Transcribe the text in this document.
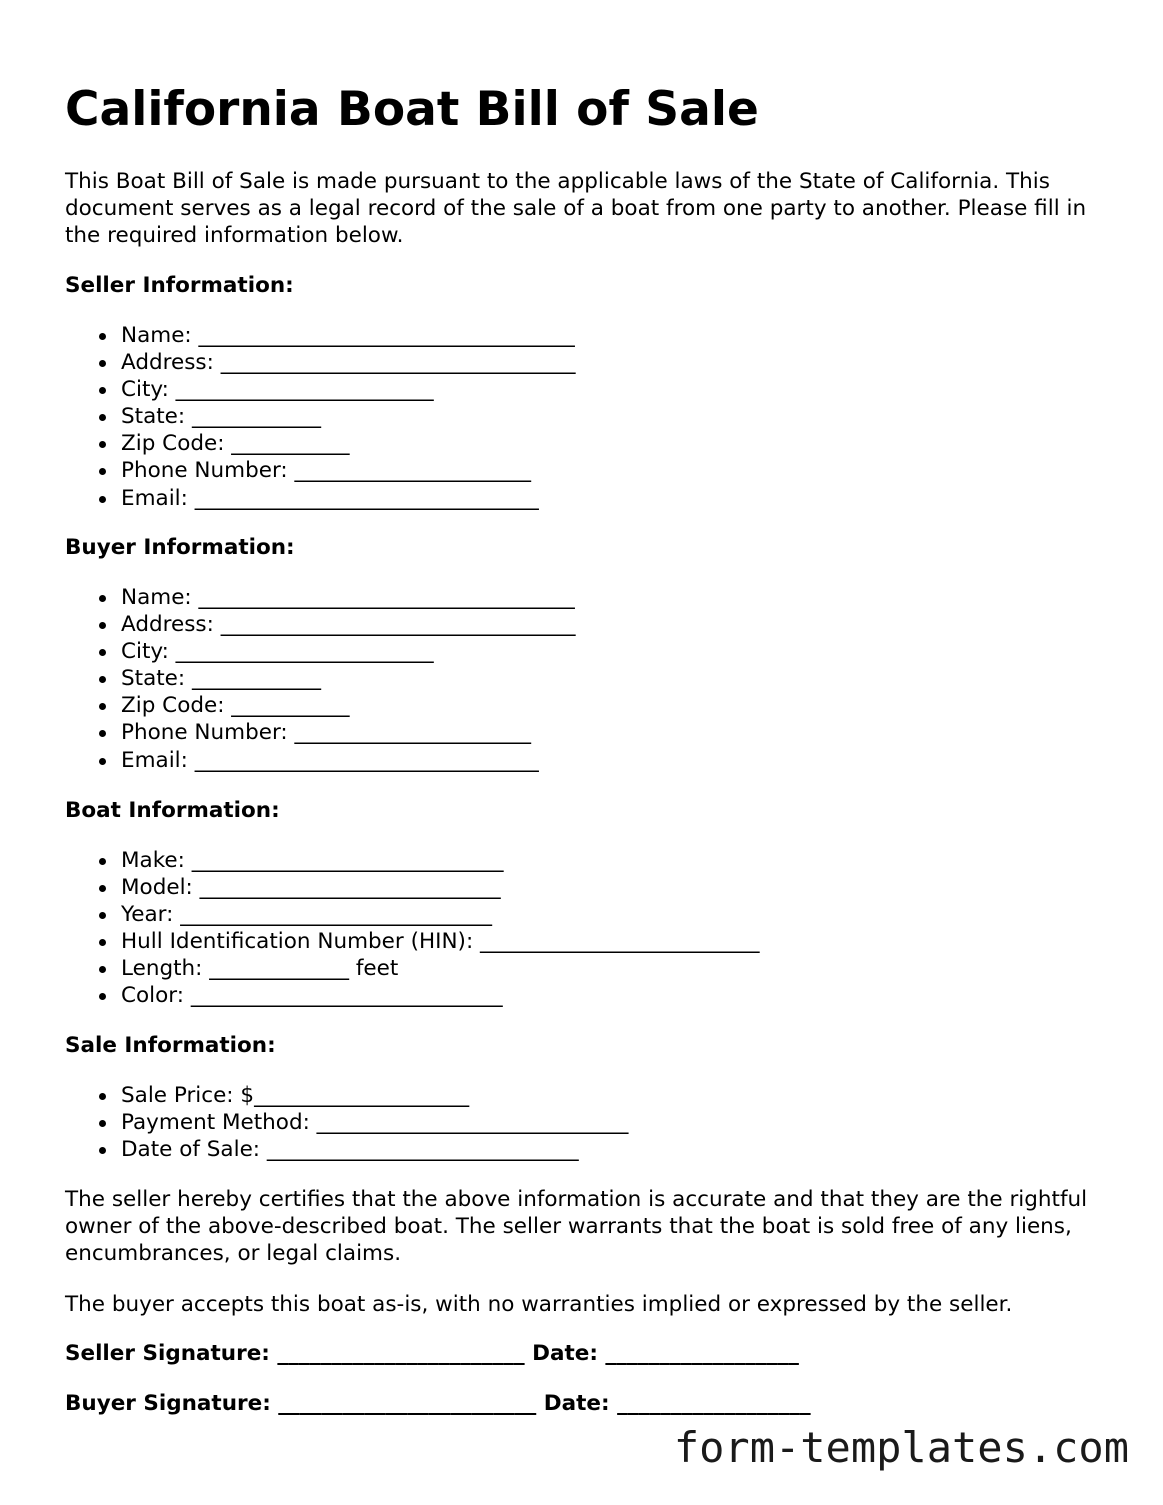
California Boat Bill of Sale

This Boat Bill of Sale is made pursuant to the applicable laws of the State of California. This document serves as a legal record of the sale of a boat from one party to another. Please fill in the required information below.

Seller Information:
Name: ___________________________________
Address: _________________________________
City: ________________________
State: ____________
Zip Code: ___________
Phone Number: ______________________
Email: ________________________________
Buyer Information:
Name: ___________________________________
Address: _________________________________
City: ________________________
State: ____________
Zip Code: ___________
Phone Number: ______________________
Email: ________________________________
Boat Information:
Make: _____________________________
Model: ____________________________
Year: _____________________________
Hull Identification Number (HIN): __________________________
Length: _____________ feet
Color: _____________________________
Sale Information:
Sale Price: $____________________
Payment Method: _____________________________
Date of Sale: _____________________________

The seller hereby certifies that the above information is accurate and that they are the rightful owner of the above-described boat. The seller warrants that the boat is sold free of any liens, encumbrances, or legal claims.

The buyer accepts this boat as-is, with no warranties implied or expressed by the seller.

Seller Signature: _______________________ Date: __________________
Buyer Signature: ________________________ Date: __________________
form-templates.com
